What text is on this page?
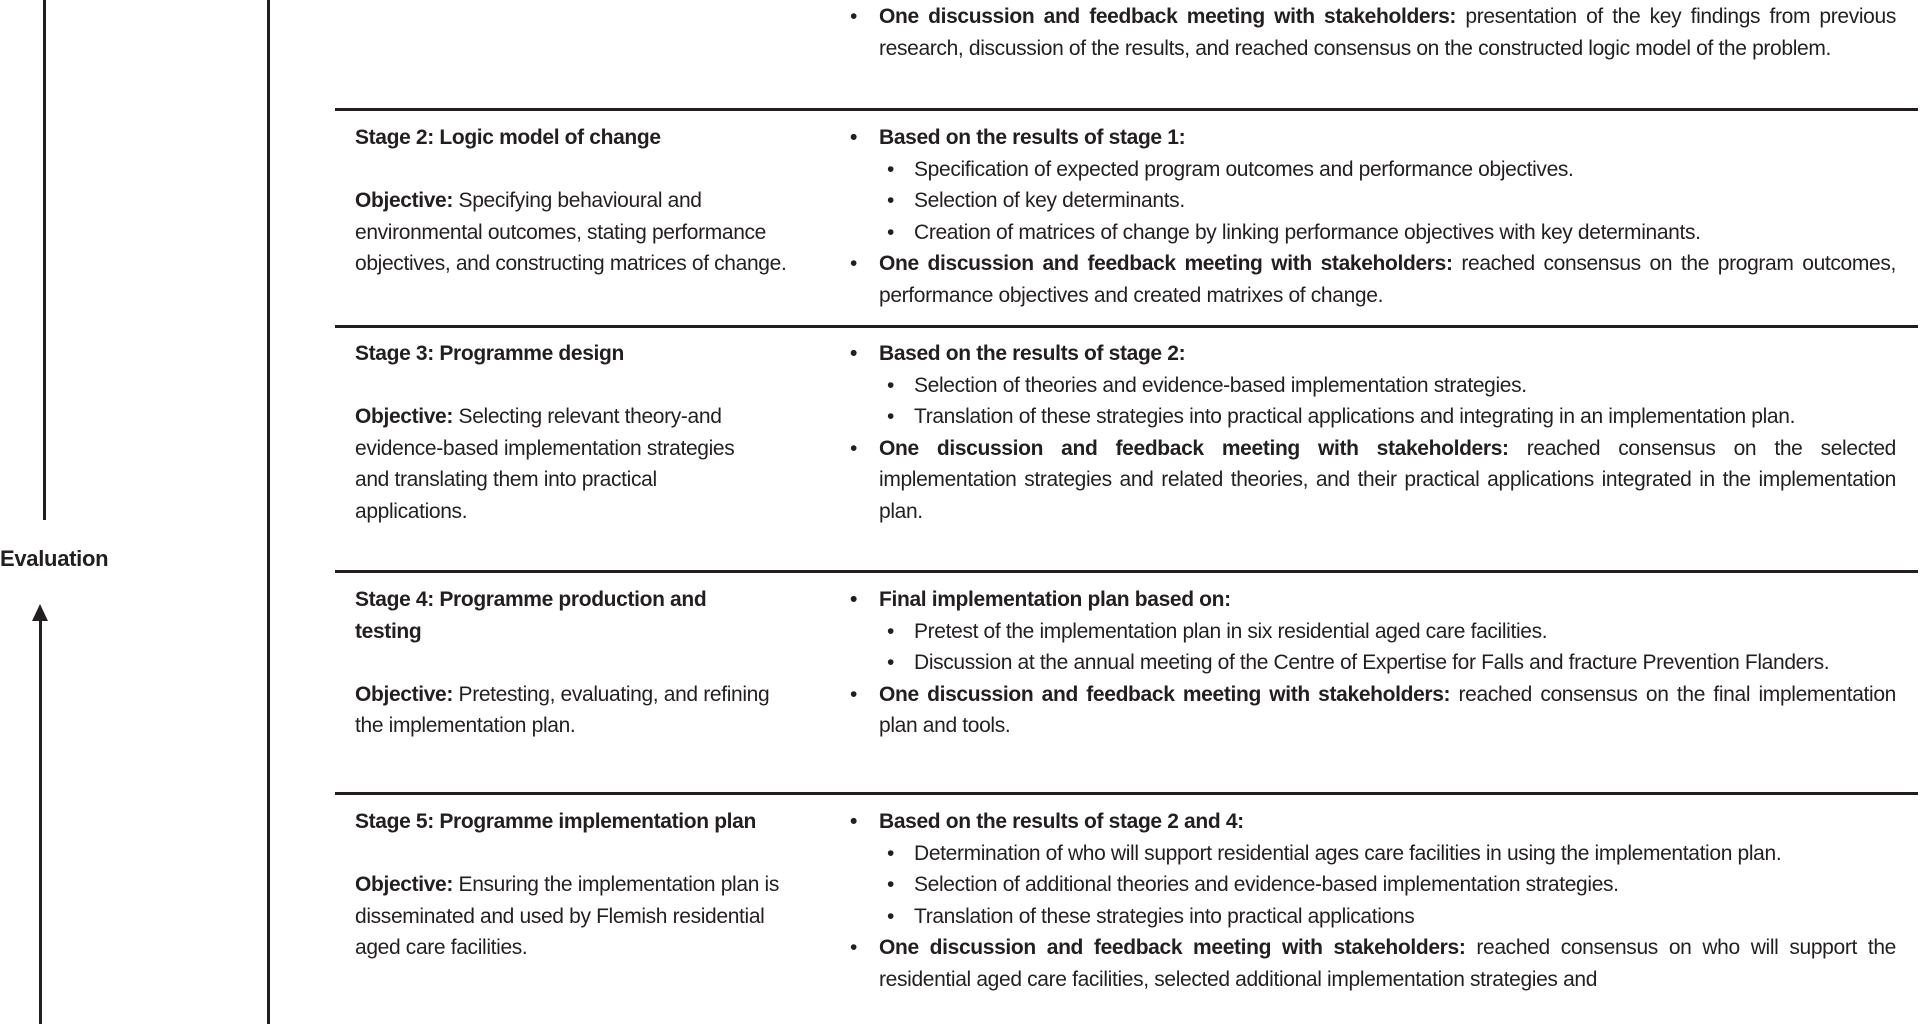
Evaluation
• One discussion and feedback meeting with stakeholders: presentation of the key findings from previous research, discussion of the results, and reached consensus on the constructed logic model of the problem.
Stage 2: Logic model of change
Objective: Specifying behavioural and environmental outcomes, stating performance objectives, and constructing matrices of change.
• Based on the results of stage 1:
• Specification of expected program outcomes and performance objectives.
• Selection of key determinants.
• Creation of matrices of change by linking performance objectives with key determinants.
• One discussion and feedback meeting with stakeholders: reached consensus on the program outcomes, performance objectives and created matrixes of change.
Stage 3: Programme design
Objective: Selecting relevant theory-and evidence-based implementation strategies and translating them into practical applications.
• Based on the results of stage 2:
• Selection of theories and evidence-based implementation strategies.
• Translation of these strategies into practical applications and integrating in an implementation plan.
• One discussion and feedback meeting with stakeholders: reached consensus on the selected implementation strategies and related theories, and their practical applications integrated in the implementation plan.
Stage 4: Programme production and testing
Objective: Pretesting, evaluating, and refining the implementation plan.
• Final implementation plan based on:
• Pretest of the implementation plan in six residential aged care facilities.
• Discussion at the annual meeting of the Centre of Expertise for Falls and fracture Prevention Flanders.
• One discussion and feedback meeting with stakeholders: reached consensus on the final implementation plan and tools.
Stage 5: Programme implementation plan
Objective: Ensuring the implementation plan is disseminated and used by Flemish residential aged care facilities.
• Based on the results of stage 2 and 4:
• Determination of who will support residential ages care facilities in using the implementation plan.
• Selection of additional theories and evidence-based implementation strategies.
• Translation of these strategies into practical applications
• One discussion and feedback meeting with stakeholders: reached consensus on who will support the residential aged care facilities, selected additional implementation strategies and
